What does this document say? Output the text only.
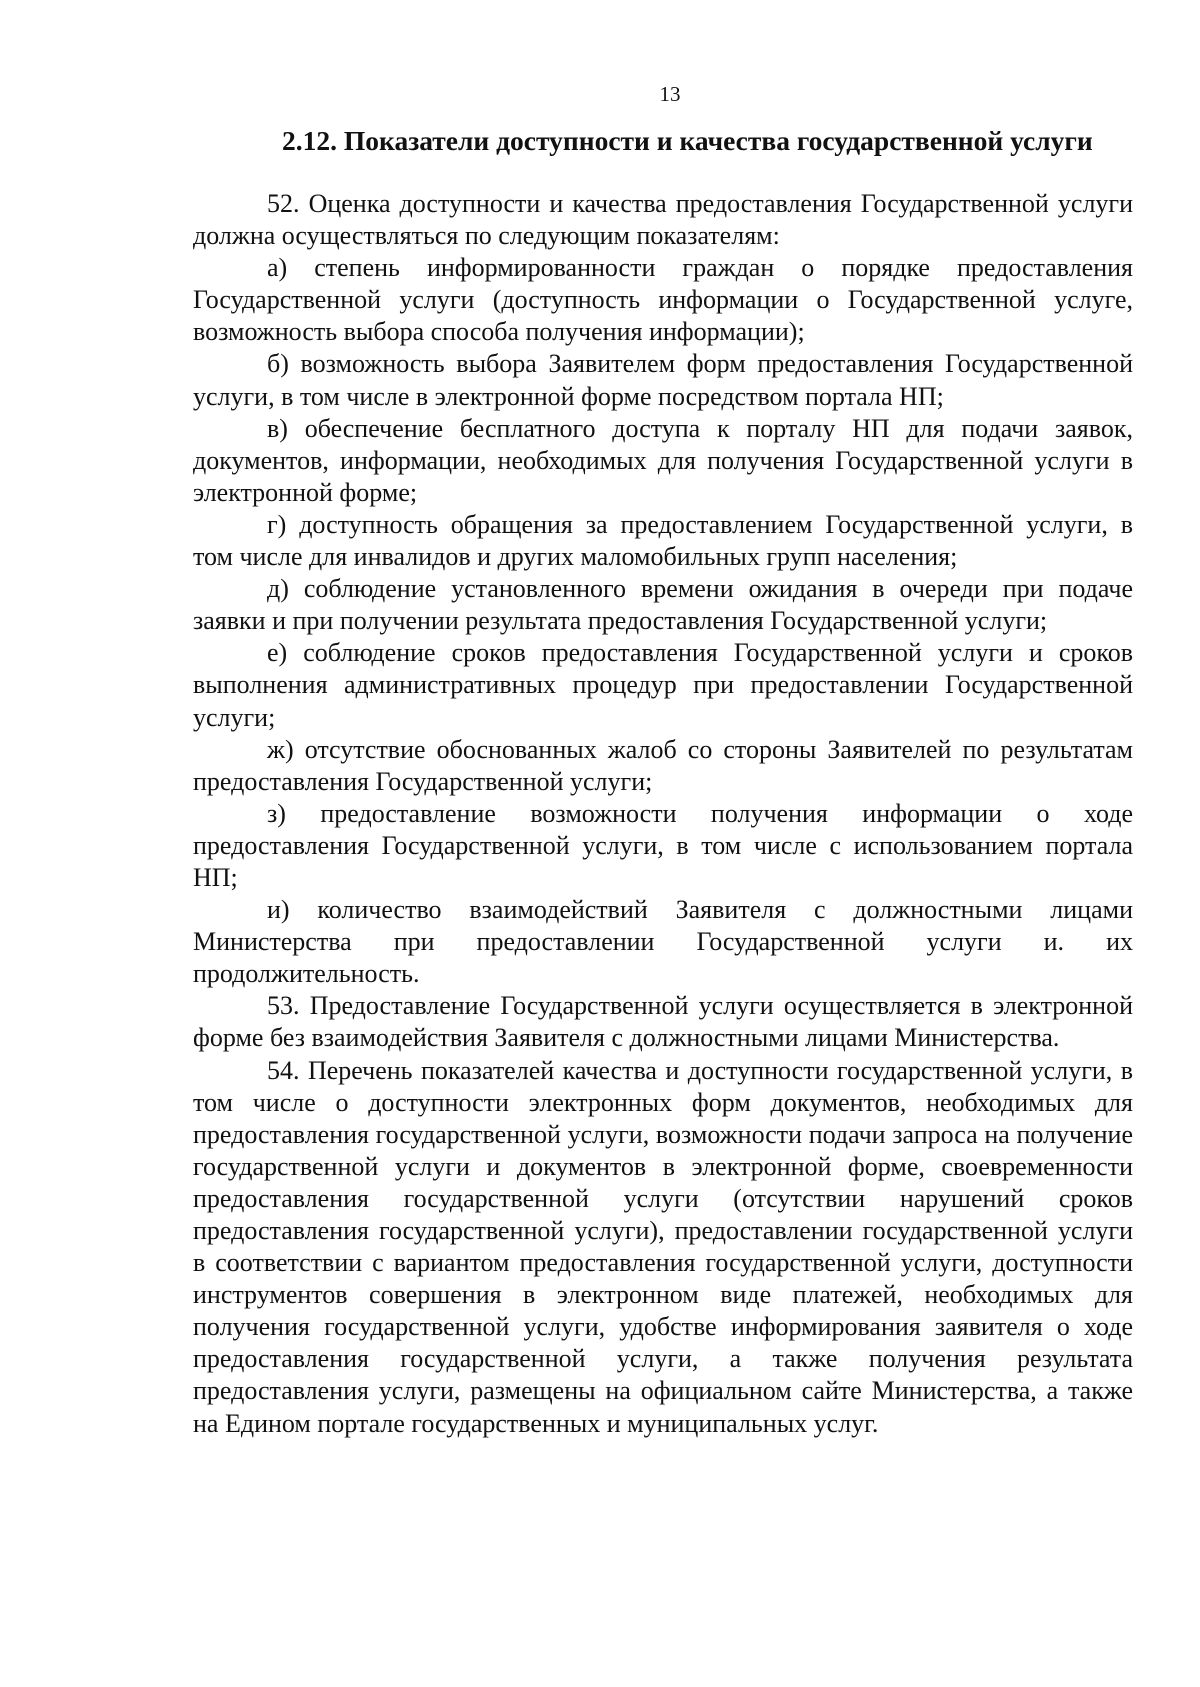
13
2.12. Показатели доступности и качества государственной услуги

52. Оценка доступности и качества предоставления Государственной услуги должна осуществляться по следующим показателям:

а) степень информированности граждан о порядке предоставления Государственной услуги (доступность информации о Государственной услуге, возможность выбора способа получения информации);

б) возможность выбора Заявителем форм предоставления Государственной услуги, в том числе в электронной форме посредством портала НП;

в) обеспечение бесплатного доступа к порталу НП для подачи заявок, документов, информации, необходимых для получения Государственной услуги в электронной форме;

г) доступность обращения за предоставлением Государственной услуги, в том числе для инвалидов и других маломобильных групп населения;

д) соблюдение установленного времени ожидания в очереди при подаче заявки и при получении результата предоставления Государственной услуги;

е) соблюдение сроков предоставления Государственной услуги и сроков выполнения административных процедур при предоставлении Государственной услуги;

ж) отсутствие обоснованных жалоб со стороны Заявителей по результатам предоставления Государственной услуги;

з) предоставление возможности получения информации о ходе предоставления Государственной услуги, в том числе с использованием портала НП;

и) количество взаимодействий Заявителя с должностными лицами Министерства при предоставлении Государственной услуги и. их продолжительность.

53. Предоставление Государственной услуги осуществляется в электронной форме без взаимодействия Заявителя с должностными лицами Министерства.

54. Перечень показателей качества и доступности государственной услуги, в том числе о доступности электронных форм документов, необходимых для предоставления государственной услуги, возможности подачи запроса на получение государственной услуги и документов в электронной форме, своевременности предоставления государственной услуги (отсутствии нарушений сроков предоставления государственной услуги), предоставлении государственной услуги в соответствии с вариантом предоставления государственной услуги, доступности инструментов совершения в электронном виде платежей, необходимых для получения государственной услуги, удобстве информирования заявителя о ходе предоставления государственной услуги, а также получения результата предоставления услуги, размещены на официальном сайте Министерства, а также на Едином портале государственных и муниципальных услуг.
